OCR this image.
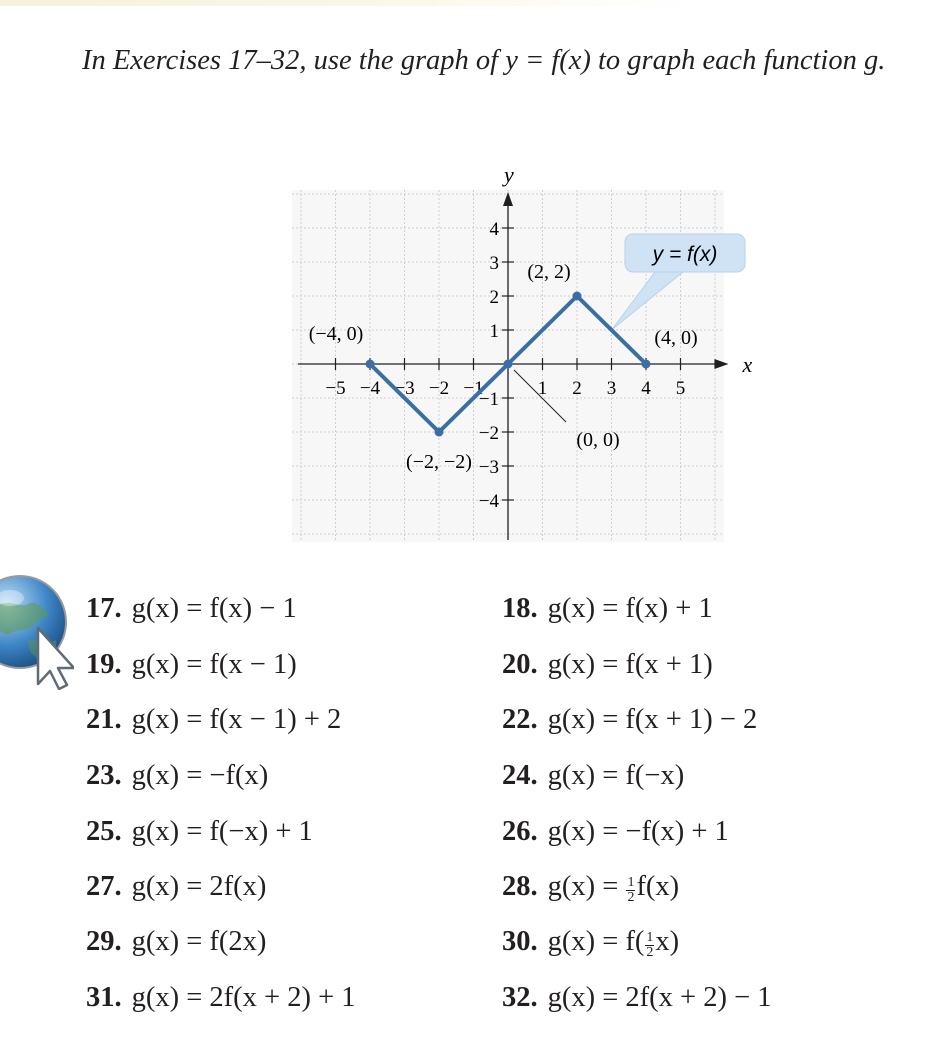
In Exercises 17–32, use the graph of y = f(x) to graph each function g.
x
y
−5 −4 −3 −2 −1	1 2 3 4 5
4
3
2
1
−1
−2
−3
−4
y = f(x)
(−4, 0)
(−2, −2)
(0, 0)
(2, 2)
(4, 0)
17. g(x) = f(x) − 1
19. g(x) = f(x − 1)
21. g(x) = f(x − 1) + 2
23. g(x) = −f(x)
25. g(x) = f(−x) + 1
27. g(x) = 2f(x)
29. g(x) = f(2x)
31. g(x) = 2f(x + 2) + 1
18. g(x) = f(x) + 1
20. g(x) = f(x + 1)
22. g(x) = f(x + 1) − 2
24. g(x) = f(−x)
26. g(x) = −f(x) + 1
28. $g(x) = \frac{1}{2} f(x)$
30. $g(x) = f( \frac{1}{2} x)$
32. g(x) = 2f(x + 2) − 1
